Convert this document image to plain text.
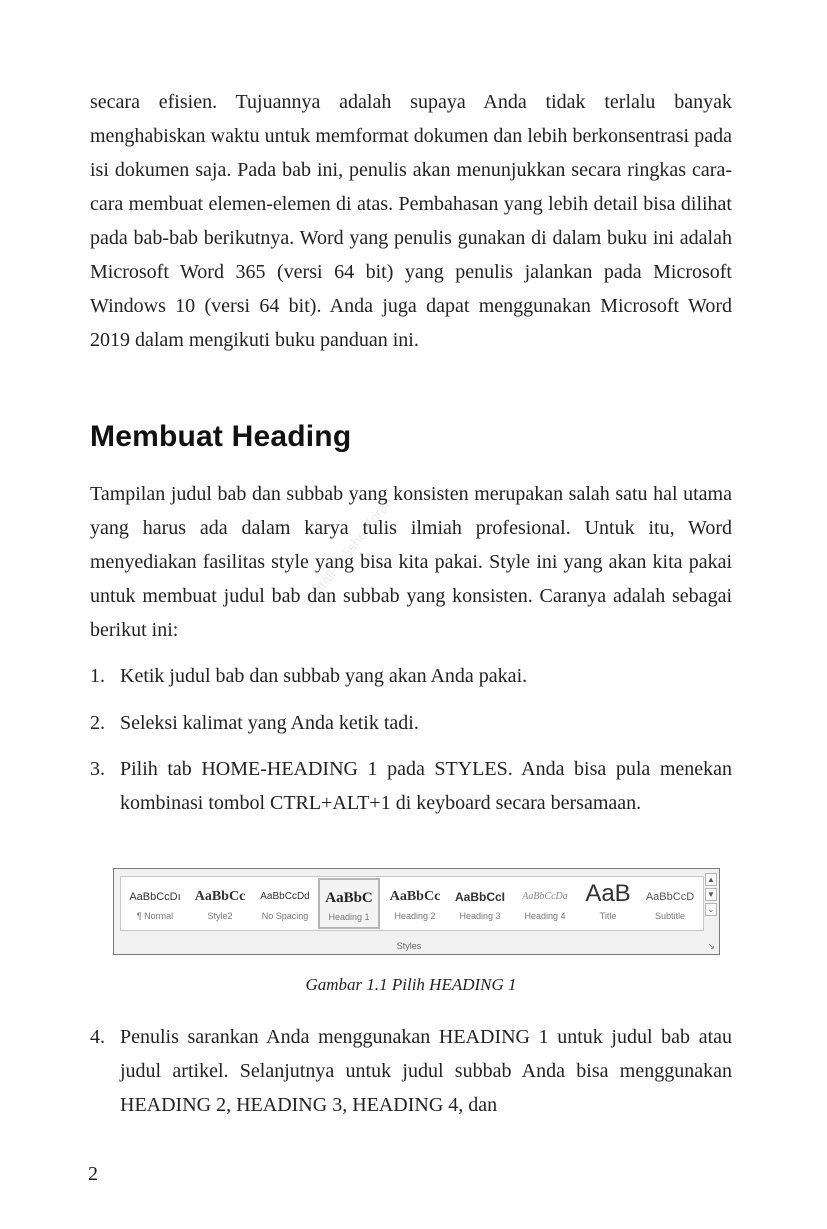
secara efisien. Tujuannya adalah supaya Anda tidak terlalu banyak menghabiskan waktu untuk memformat dokumen dan lebih berkonsentrasi pada isi dokumen saja. Pada bab ini, penulis akan menunjukkan secara ringkas cara-cara membuat elemen-elemen di atas. Pembahasan yang lebih detail bisa dilihat pada bab-bab berikutnya. Word yang penulis gunakan di dalam buku ini adalah Microsoft Word 365 (versi 64 bit) yang penulis jalankan pada Microsoft Windows 10 (versi 64 bit). Anda juga dapat menggunakan Microsoft Word 2019 dalam mengikuti buku panduan ini.

Membuat Heading

Tampilan judul bab dan subbab yang konsisten merupakan salah satu hal utama yang harus ada dalam karya tulis ilmiah profesional. Untuk itu, Word menyediakan fasilitas style yang bisa kita pakai. Style ini yang akan kita pakai untuk membuat judul bab dan subbab yang konsisten. Caranya adalah sebagai berikut ini:

DigitalPublisherKoran
1. Ketik judul bab dan subbab yang akan Anda pakai.
2. Seleksi kalimat yang Anda ketik tadi.
3. Pilih tab HOME-HEADING 1 pada STYLES. Anda bisa pula menekan kombinasi tombol CTRL+ALT+1 di keyboard secara bersamaan.
AaBbCcDı
¶ Normal
AaBbCc
Style2
AaBbCcDd
No Spacing
AaBbC
Heading 1
AaBbCc
Heading 2
AaBbCcI
Heading 3
AaBbCcDa
Heading 4
AaB
Title
AaBbCcD
Subtitle
▲
▼
⌄
Styles	↘

Gambar 1.1 Pilih HEADING 1

4. Penulis sarankan Anda menggunakan HEADING 1 untuk judul bab atau judul artikel. Selanjutnya untuk judul subbab Anda bisa menggunakan HEADING 2, HEADING 3, HEADING 4, dan
2
